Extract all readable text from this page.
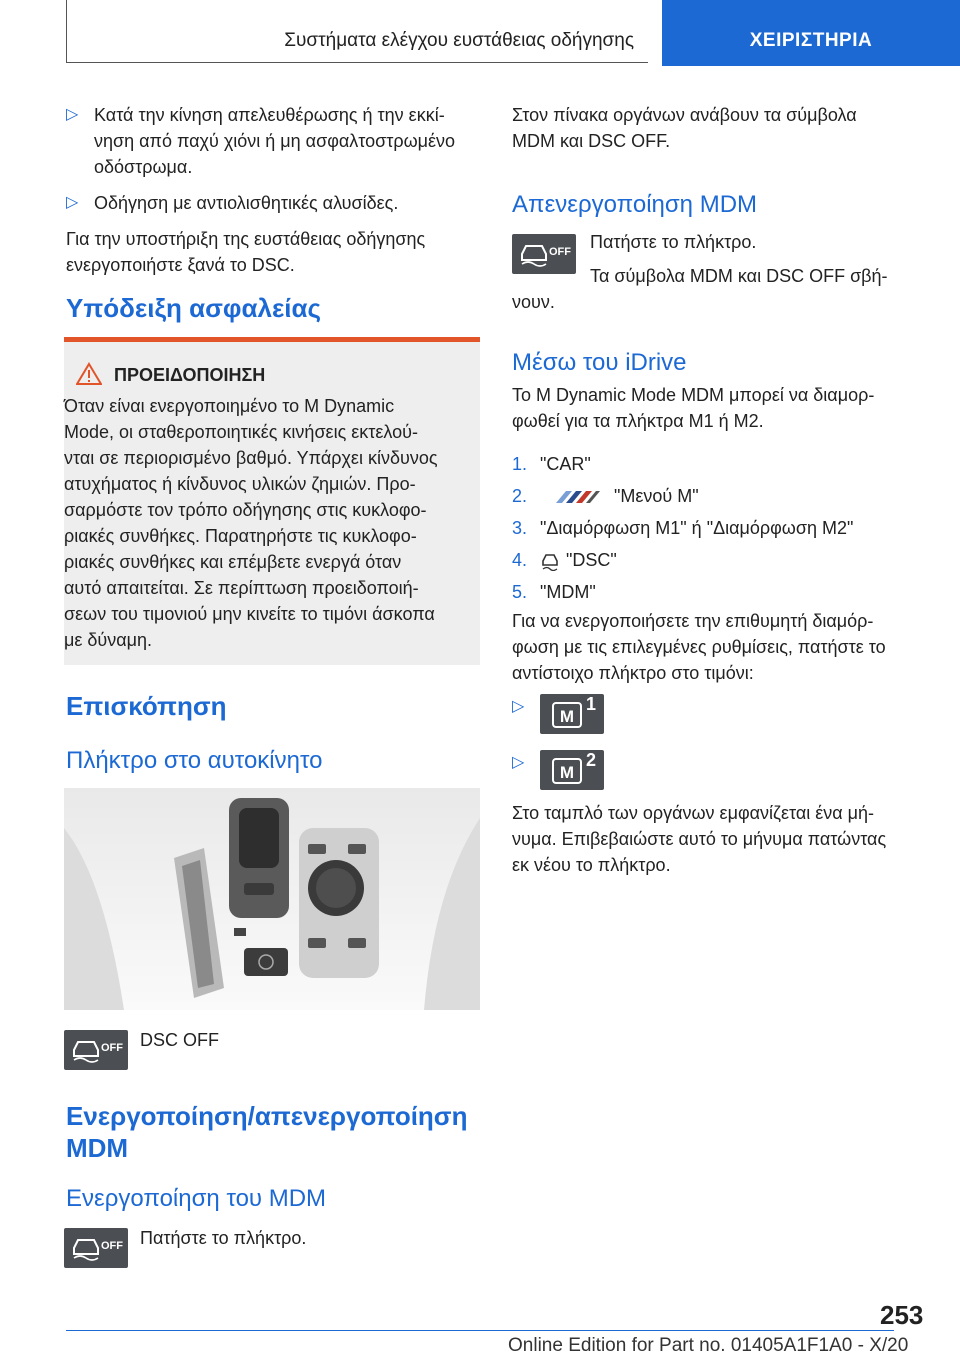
Συστήματα ελέγχου ευστάθειας οδήγησης	ΧΕΙΡΙΣΤΗΡΙΑ
▷ Κατά την κίνηση απελευθέρωσης ή την εκκί-
νηση από παχύ χιόνι ή μη ασφαλτοστρωμένο
οδόστρωμα.
▷ Οδήγηση με αντιολισθητικές αλυσίδες.
Για την υποστήριξη της ευστάθειας οδήγησης
ενεργοποιήστε ξανά το DSC.
Υπόδειξη ασφαλείας
ΠΡΟΕΙΔΟΠΟΙΗΣΗ
Όταν είναι ενεργοποιημένο το M Dynamic
Mode, οι σταθεροποιητικές κινήσεις εκτελού-
νται σε περιορισμένο βαθμό. Υπάρχει κίνδυνος
ατυχήματος ή κίνδυνος υλικών ζημιών. Προ-
σαρμόστε τον τρόπο οδήγησης στις κυκλοφο-
ριακές συνθήκες. Παρατηρήστε τις κυκλοφο-
ριακές συνθήκες και επέμβετε ενεργά όταν
αυτό απαιτείται. Σε περίπτωση προειδοποιή-
σεων του τιμονιού μην κινείτε το τιμόνι άσκοπα
με δύναμη.
Επισκόπηση
Πλήκτρο στο αυτοκίνητο
OFF DSC OFF
Ενεργοποίηση/απενεργοποίηση
MDM
Ενεργοποίηση του MDM
OFF Πατήστε το πλήκτρο.
Στον πίνακα οργάνων ανάβουν τα σύμβολα
MDM και DSC OFF.
Απενεργοποίηση MDM
OFF Πατήστε το πλήκτρο.
Τα σύμβολα MDM και DSC OFF σβή-
νουν.
Μέσω του iDrive
Το M Dynamic Mode MDM μπορεί να διαμορ-
φωθεί για τα πλήκτρα M1 ή M2.
1. "CAR"
2.	"Μενού M"
3. "Διαμόρφωση M1" ή "Διαμόρφωση M2"
4. "DSC"
5. "MDM"
Για να ενεργοποιήσετε την επιθυμητή διαμόρ-
φωση με τις επιλεγμένες ρυθμίσεις, πατήστε το
αντίστοιχο πλήκτρο στο τιμόνι:
▷
M
1
▷
M
2
Στο ταμπλό των οργάνων εμφανίζεται ένα μή-
νυμα. Επιβεβαιώστε αυτό το μήνυμα πατώντας
εκ νέου το πλήκτρο.
253
Online Edition for Part no. 01405A1F1A0 - X/20
